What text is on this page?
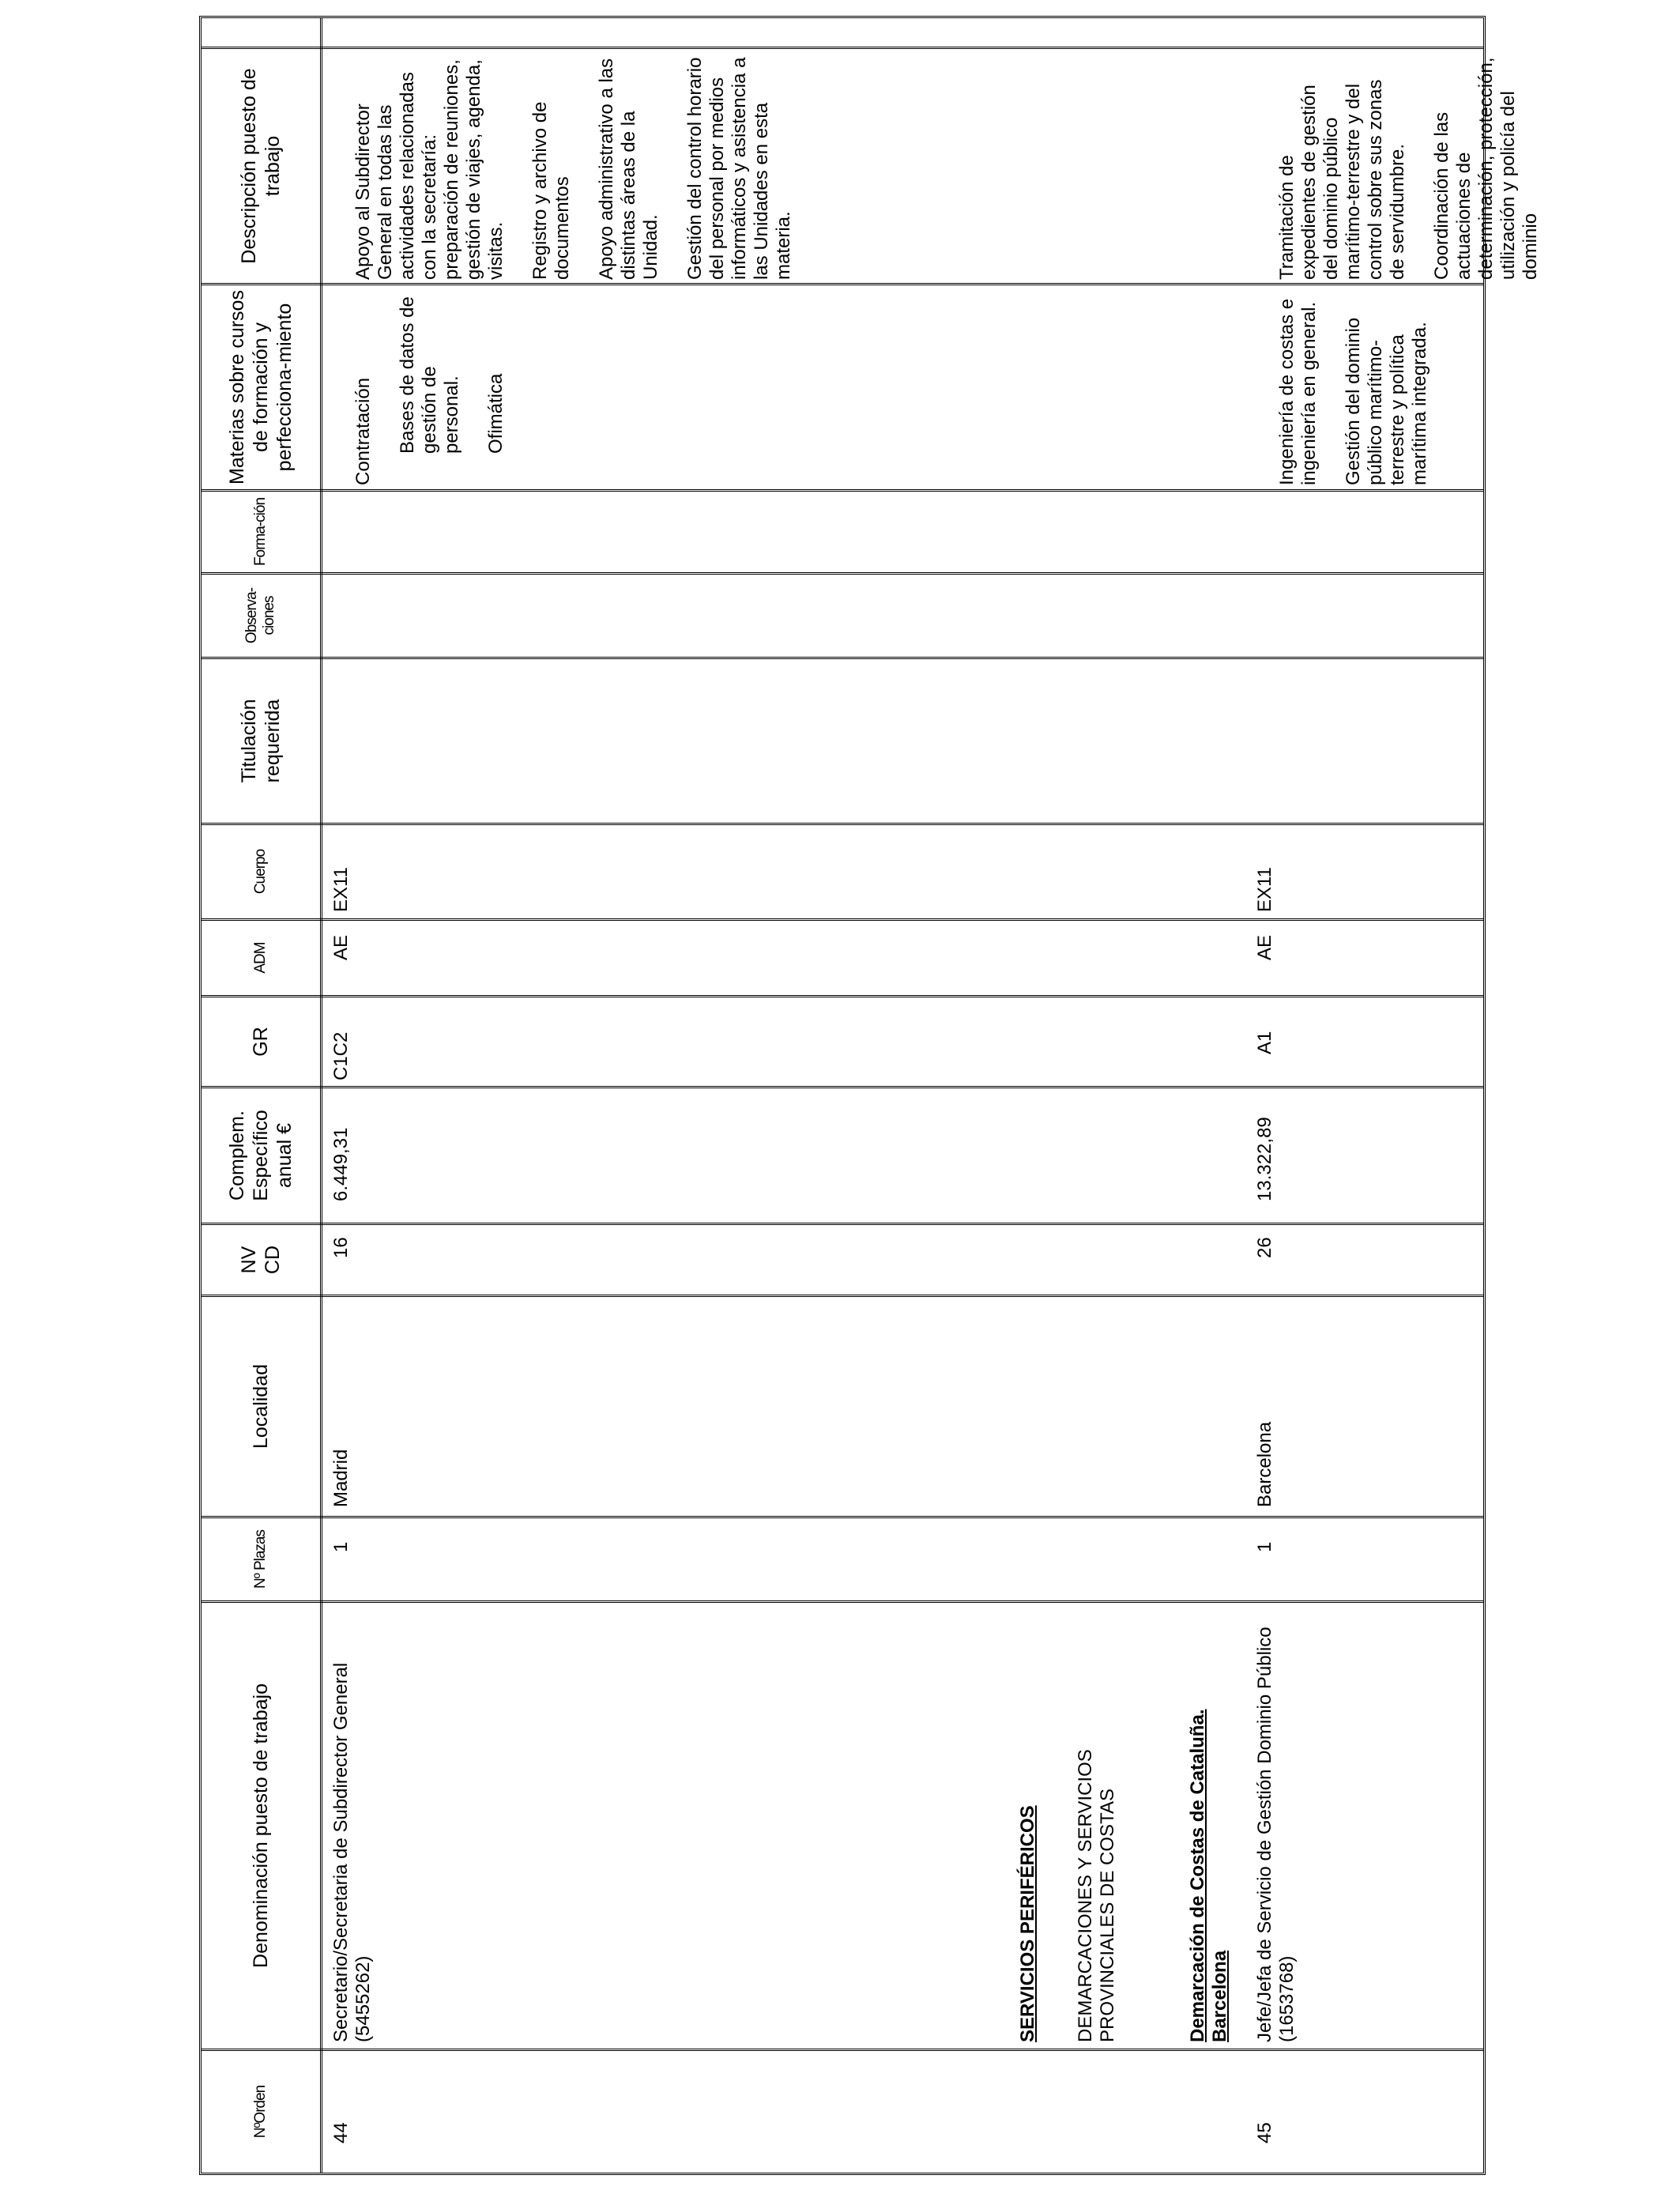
NºOrden
Denominación puesto de trabajo
Nº Plazas
Localidad
NV CD
Complem. Específico anual €
GR
ADM
Cuerpo
Titulación requerida
Observa-ciones
Forma-ción
Materias sobre cursos de formación y perfecciona-miento
Descripción puesto de trabajo
44
Secretario/Secretaria de Subdirector General
(5455262)
1
Madrid
16
6.449,31
C1C2
AE
EX11

Contratación Bases de datos de gestión de personal. Ofimática

Apoyo al Subdirector General en todas las actividades relacionadas con la secretaría: preparación de reuniones, gestión de viajes, agenda, visitas. Registro y archivo de documentos Apoyo administrativo a las distintas áreas de la Unidad. Gestión del control horario del personal por medios informáticos y asistencia a las Unidades en esta materia.

SERVICIOS PERIFÉRICOS DEMARCACIONES Y SERVICIOS PROVINCIALES DE COSTAS	Demarcación de Costas de Cataluña. Barcelona
45
Jefe/Jefa de Servicio de Gestión Dominio Público
(1653768)
1
Barcelona
26
13.322,89
A1
AE
EX11

Ingeniería de costas e ingeniería en general. Gestión del dominio público marítimo-terrestre y política marítima integrada.

Tramitación de expedientes de gestión del dominio público marítimo-terrestre y del control sobre sus zonas de servidumbre. Coordinación de las actuaciones de determinación, protección, utilización y policía del dominio
